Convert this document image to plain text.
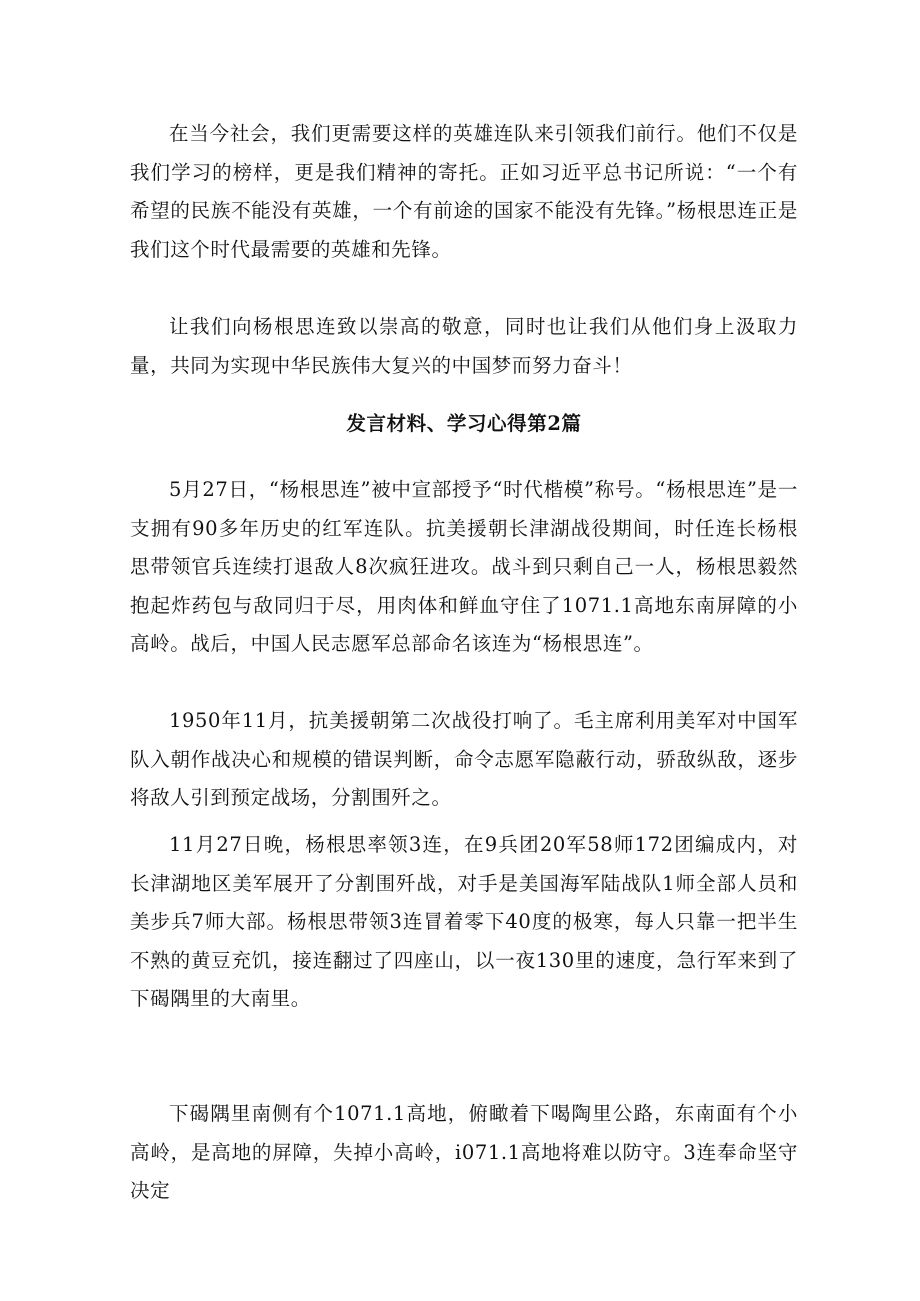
在当今社会，我们更需要这样的英雄连队来引领我们前行。他们不仅是我们学习的榜样，更是我们精神的寄托。正如习近平总书记所说：“一个有希望的民族不能没有英雄，一个有前途的国家不能没有先锋。”杨根思连正是我们这个时代最需要的英雄和先锋。

让我们向杨根思连致以崇高的敬意，同时也让我们从他们身上汲取力量，共同为实现中华民族伟大复兴的中国梦而努力奋斗！

发言材料、学习心得第2篇

5月27日，“杨根思连”被中宣部授予“时代楷模”称号。“杨根思连”是一支拥有90多年历史的红军连队。抗美援朝长津湖战役期间，时任连长杨根思带领官兵连续打退敌人8次疯狂进攻。战斗到只剩自己一人，杨根思毅然抱起炸药包与敌同归于尽，用肉体和鲜血守住了1071.1高地东南屏障的小高岭。战后，中国人民志愿军总部命名该连为“杨根思连”。

1950年11月，抗美援朝第二次战役打响了。毛主席利用美军对中国军队入朝作战决心和规模的错误判断，命令志愿军隐蔽行动，骄敌纵敌，逐步将敌人引到预定战场，分割围歼之。

11月27日晚，杨根思率领3连，在9兵团20军58师172团编成内，对长津湖地区美军展开了分割围歼战，对手是美国海军陆战队1师全部人员和美步兵7师大部。杨根思带领3连冒着零下40度的极寒，每人只靠一把半生不熟的黄豆充饥，接连翻过了四座山，以一夜130里的速度，急行军来到了下碣隅里的大南里。

下碣隅里南侧有个1071.1高地，俯瞰着下喝陶里公路，东南面有个小高岭，是高地的屏障，失掉小高岭，i071.1高地将难以防守。3连奉命坚守决定
